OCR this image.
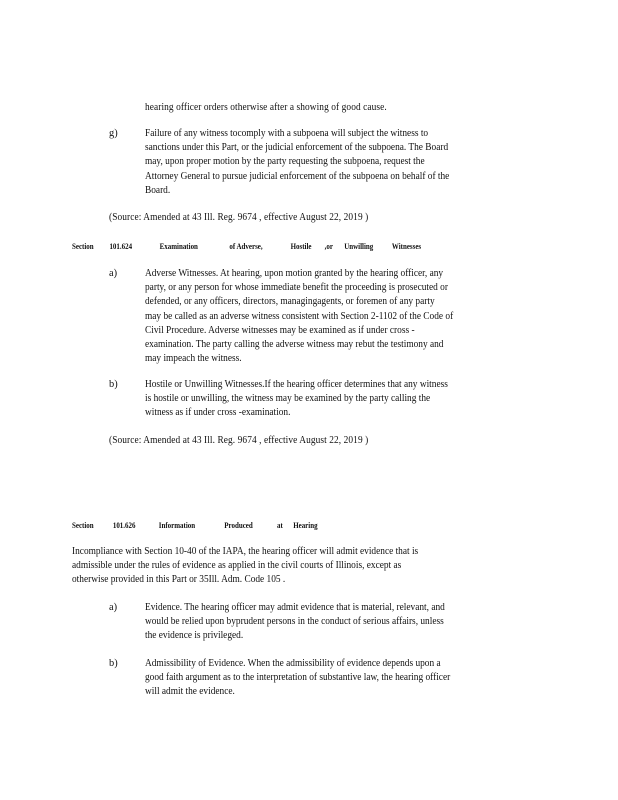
hearing officer orders otherwise after a showing of good cause.
g)	Failure of any witness tocomply with a subpoena will subject the witness to
sanctions under this Part, or the judicial enforcement of the subpoena. The Board
may, upon proper motion by the party requesting the subpoena, request the
Attorney General to pursue judicial enforcement of the subpoena on behalf of the
Board.
(Source: Amended at 43 Ill. Reg. 9674 , effective August 22, 2019 )
Section 101.624	Examination	of Adverse,	Hostile ,or Unwilling Witnesses
a)	Adverse Witnesses. At hearing, upon motion granted by the hearing officer, any
party, or any person for whose immediate benefit the proceeding is prosecuted or
defended, or any officers, directors, managingagents, or foremen of any party
may be called as an adverse witness consistent with Section 2-1102 of the Code of
Civil Procedure. Adverse witnesses may be examined as if under cross -
examination. The party calling the adverse witness may rebut the testimony and
may impeach the witness.
b)	Hostile or Unwilling Witnesses.If the hearing officer determines that any witness
is hostile or unwilling, the witness may be examined by the party calling the
witness as if under cross -examination.
(Source: Amended at 43 Ill. Reg. 9674 , effective August 22, 2019 )
Section 101.626	Information	Produced	at Hearing
Incompliance with Section 10-40 of the IAPA, the hearing officer will admit evidence that is
admissible under the rules of evidence as applied in the civil courts of Illinois, except as
otherwise provided in this Part or 35Ill. Adm. Code 105 .
a)	Evidence. The hearing officer may admit evidence that is material, relevant, and
would be relied upon byprudent persons in the conduct of serious affairs, unless
the evidence is privileged.
b)	Admissibility of Evidence. When the admissibility of evidence depends upon a
good faith argument as to the interpretation of substantive law, the hearing officer
will admit the evidence.
